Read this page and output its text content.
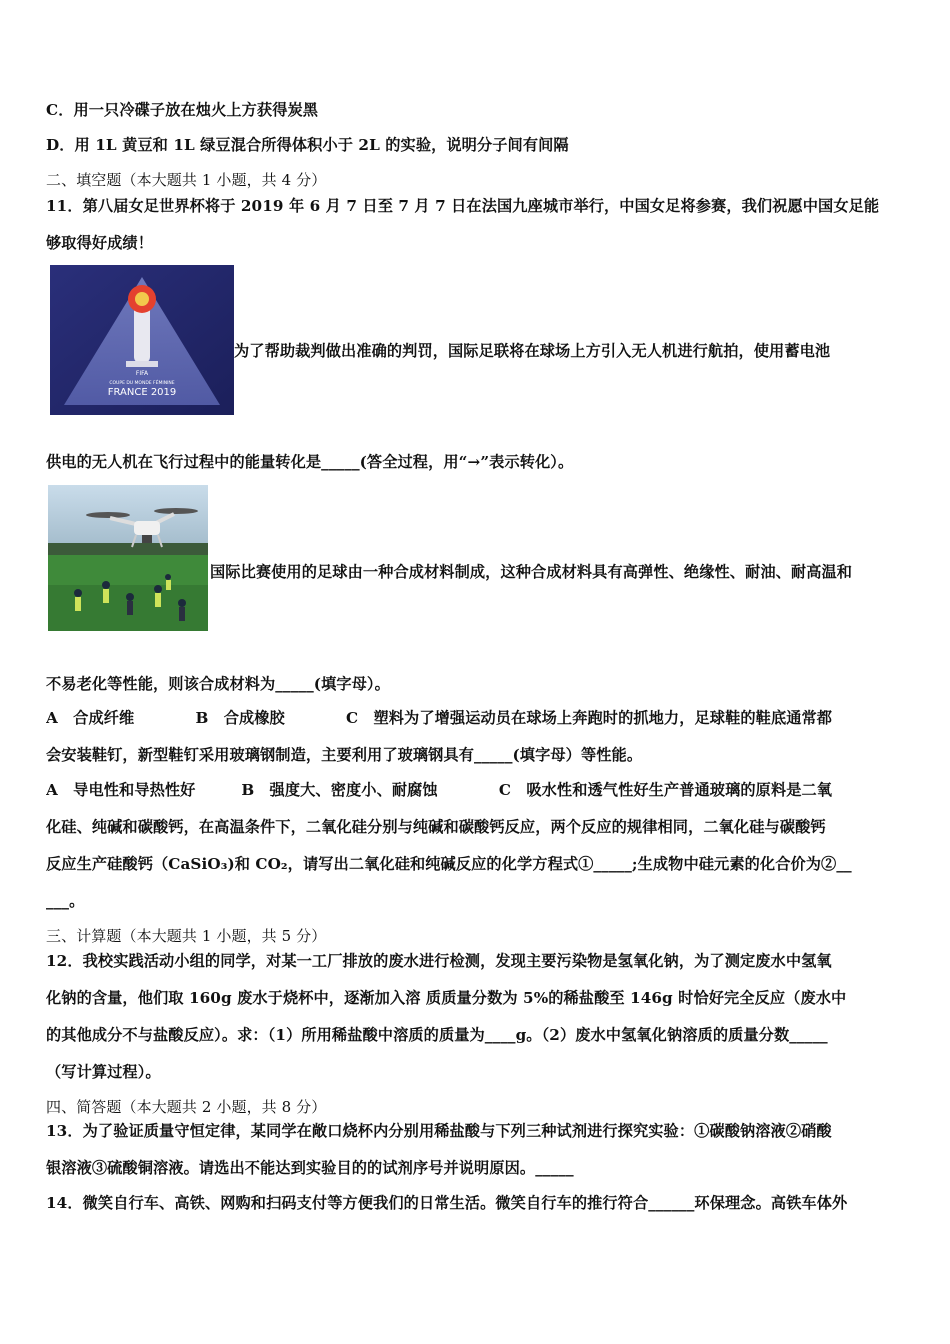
C．用一只冷碟子放在烛火上方获得炭黑
D．用 1L 黄豆和 1L 绿豆混合所得体积小于 2L 的实验，说明分子间有间隔
二、填空题（本大题共 1 小题，共 4 分）
11．第八届女足世界杯将于 2019 年 6 月 7 日至 7 月 7 日在法国九座城市举行，中国女足将参赛，我们祝愿中国女足能
够取得好成绩！
FIFA
COUPE DU MONDE FÉMININE
FRANCE 2019
为了帮助裁判做出准确的判罚，国际足联将在球场上方引入无人机进行航拍，使用蓄电池
供电的无人机在飞行过程中的能量转化是_____(答全过程，用“→”表示转化）。
国际比赛使用的足球由一种合成材料制成，这种合成材料具有高弹性、绝缘性、耐油、耐高温和
不易老化等性能，则该合成材料为_____(填字母）。
A　合成纤维　　　　B　合成橡胶　　　　C　塑料为了增强运动员在球场上奔跑时的抓地力，足球鞋的鞋底通常都
会安装鞋钉，新型鞋钉采用玻璃钢制造，主要利用了玻璃钢具有_____(填字母）等性能。
A　导电性和导热性好　　　B　强度大、密度小、耐腐蚀　　　　C　吸水性和透气性好生产普通玻璃的原料是二氧
化硅、纯碱和碳酸钙，在高温条件下，二氧化硅分别与纯碱和碳酸钙反应，两个反应的规律相同，二氧化硅与碳酸钙
反应生产硅酸钙（CaSiO₃)和 CO₂，请写出二氧化硅和纯碱反应的化学方程式①_____;生成物中硅元素的化合价为②__
___。
三、计算题（本大题共 1 小题，共 5 分）
12．我校实践活动小组的同学，对某一工厂排放的废水进行检测，发现主要污染物是氢氧化钠，为了测定废水中氢氧
化钠的含量，他们取 160g 废水于烧杯中，逐渐加入溶 质质量分数为 5%的稀盐酸至 146g 时恰好完全反应（废水中
的其他成分不与盐酸反应）。求：（1）所用稀盐酸中溶质的质量为____g。（2）废水中氢氧化钠溶质的质量分数_____
（写计算过程）。
四、简答题（本大题共 2 小题，共 8 分）
13．为了验证质量守恒定律，某同学在敞口烧杯内分别用稀盐酸与下列三种试剂进行探究实验：①碳酸钠溶液②硝酸
银溶液③硫酸铜溶液。请选出不能达到实验目的的试剂序号并说明原因。_____
14．微笑自行车、高铁、网购和扫码支付等方便我们的日常生活。微笑自行车的推行符合______环保理念。高铁车体外
